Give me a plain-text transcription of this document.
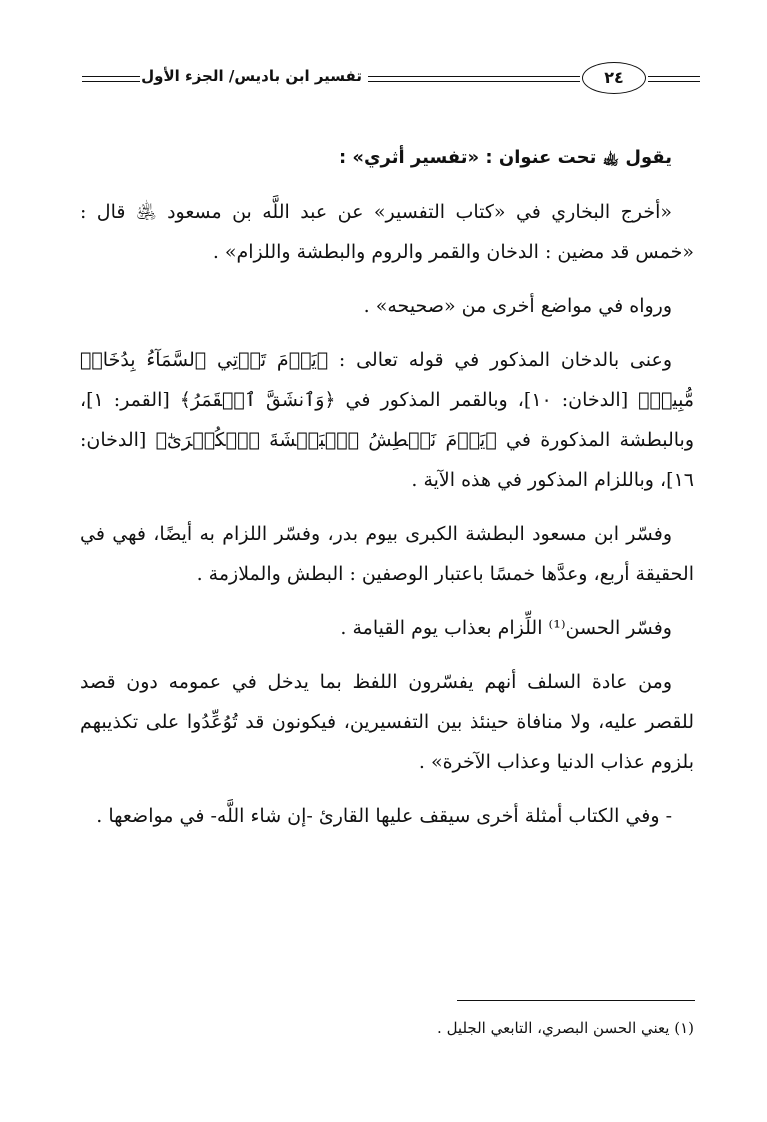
تفسير ابن باديس/ الجزء الأول	٢٤

يقول ﵀ تحت عنوان : «تفسير أثري» :

«أخرج البخاري في «كتاب التفسير» عن عبد اللَّه بن مسعود ﵁ قال : «خمس قد مضين : الدخان والقمر والروم والبطشة واللزام» .

ورواه في مواضع أخرى من «صحيحه» .

وعنى بالدخان المذكور في قوله تعالى : ﴿يَوۡمَ تَأۡتِي ٱلسَّمَآءُ بِدُخَانٖ مُّبِينٖ﴾ [الدخان: ١٠]، وبالقمر المذكور في ﴿وَٱنشَقَّ ٱلۡقَمَرُ﴾ [القمر: ١]، وبالبطشة المذكورة في ﴿يَوۡمَ نَبۡطِشُ ٱلۡبَطۡشَةَ ٱلۡكُبۡرَىٰٓ﴾ [الدخان: ١٦]، وباللزام المذكور في هذه الآية .

وفسّر ابن مسعود البطشة الكبرى بيوم بدر، وفسّر اللزام به أيضًا، فهي في الحقيقة أربع، وعدَّها خمسًا باعتبار الوصفين : البطش والملازمة .

وفسّر الحسن⁽¹⁾ اللِّزام بعذاب يوم القيامة .

ومن عادة السلف أنهم يفسّرون اللفظ بما يدخل في عمومه دون قصد للقصر عليه، ولا منافاة حينئذ بين التفسيرين، فيكونون قد تُوُعِّدُوا على تكذيبهم بلزوم عذاب الدنيا وعذاب الآخرة» .

- وفي الكتاب أمثلة أخرى سيقف عليها القارئ -إن شاء اللَّه- في مواضعها .

(١) يعني الحسن البصري، التابعي الجليل .
